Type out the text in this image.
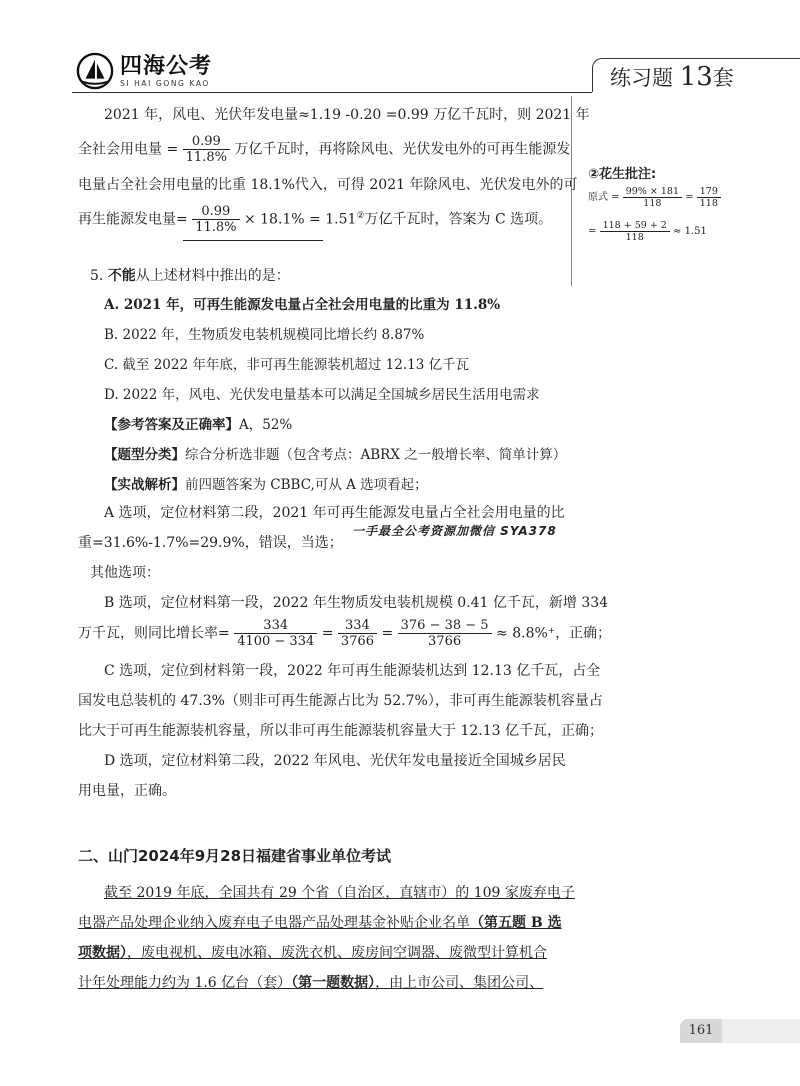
四海公考
SI HAI GONG KAO	练习题 13套
2021 年，风电、光伏年发电量≈1.19 -0.20 =0.99 万亿千瓦时，则 2021 年
全社会用电量 = $\frac{0.99}{11.8\%}$ 万亿千瓦时，再将除风电、光伏发电外的可再生能源发
电量占全社会用电量的比重 18.1%代入，可得 2021 年除风电、光伏发电外的可
再生能源发电量= $\frac{0.99}{11.8\%} \times 18.1\% = 1.51^②$万亿千瓦时，答案为 C 选项。
②花生批注:
原式 = $\frac{99\% \times 181}{118} = \frac{179}{118}$
= $\frac{118 + 59 + 2}{118} \approx 1.51$
5. 不能从上述材料中推出的是：
A. 2021 年，可再生能源发电量占全社会用电量的比重为 11.8%
B. 2022 年，生物质发电装机规模同比增长约 8.87%
C. 截至 2022 年年底，非可再生能源装机超过 12.13 亿千瓦
D. 2022 年，风电、光伏发电量基本可以满足全国城乡居民生活用电需求
【参考答案及正确率】A，52%
【题型分类】综合分析选非题（包含考点：ABRX 之一般增长率、简单计算）
【实战解析】前四题答案为 CBBC,可从 A 选项看起；
A 选项，定位材料第二段，2021 年可再生能源发电量占全社会用电量的比
重=31.6%-1.7%=29.9%，错误，当选；
一手最全公考资源加微信 SYA378
其他选项：
B 选项，定位材料第一段，2022 年生物质发电装机规模 0.41 亿千瓦，新增 334
万千瓦，则同比增长率= $\frac{334}{4100 - 334} = \frac{334}{3766} = \frac{376 - 38 - 5}{3766} \approx 8.8\%^+$，正确；
C 选项，定位到材料第一段，2022 年可再生能源装机达到 12.13 亿千瓦，占全
国发电总装机的 47.3%（则非可再生能源占比为 52.7%），非可再生能源装机容量占
比大于可再生能源装机容量，所以非可再生能源装机容量大于 12.13 亿千瓦，正确；
D 选项，定位材料第二段，2022 年风电、光伏年发电量接近全国城乡居民
用电量，正确。
二、山门2024年9月28日福建省事业单位考试
截至 2019 年底，全国共有 29 个省（自治区，直辖市）的 109 家废弃电子
电器产品处理企业纳入废弃电子电器产品处理基金补贴企业名单（第五题 B 选
项数据），废电视机、废电冰箱、废洗衣机、废房间空调器、废微型计算机合
计年处理能力约为 1.6 亿台（套）（第一题数据），由上市公司、集团公司、
161
